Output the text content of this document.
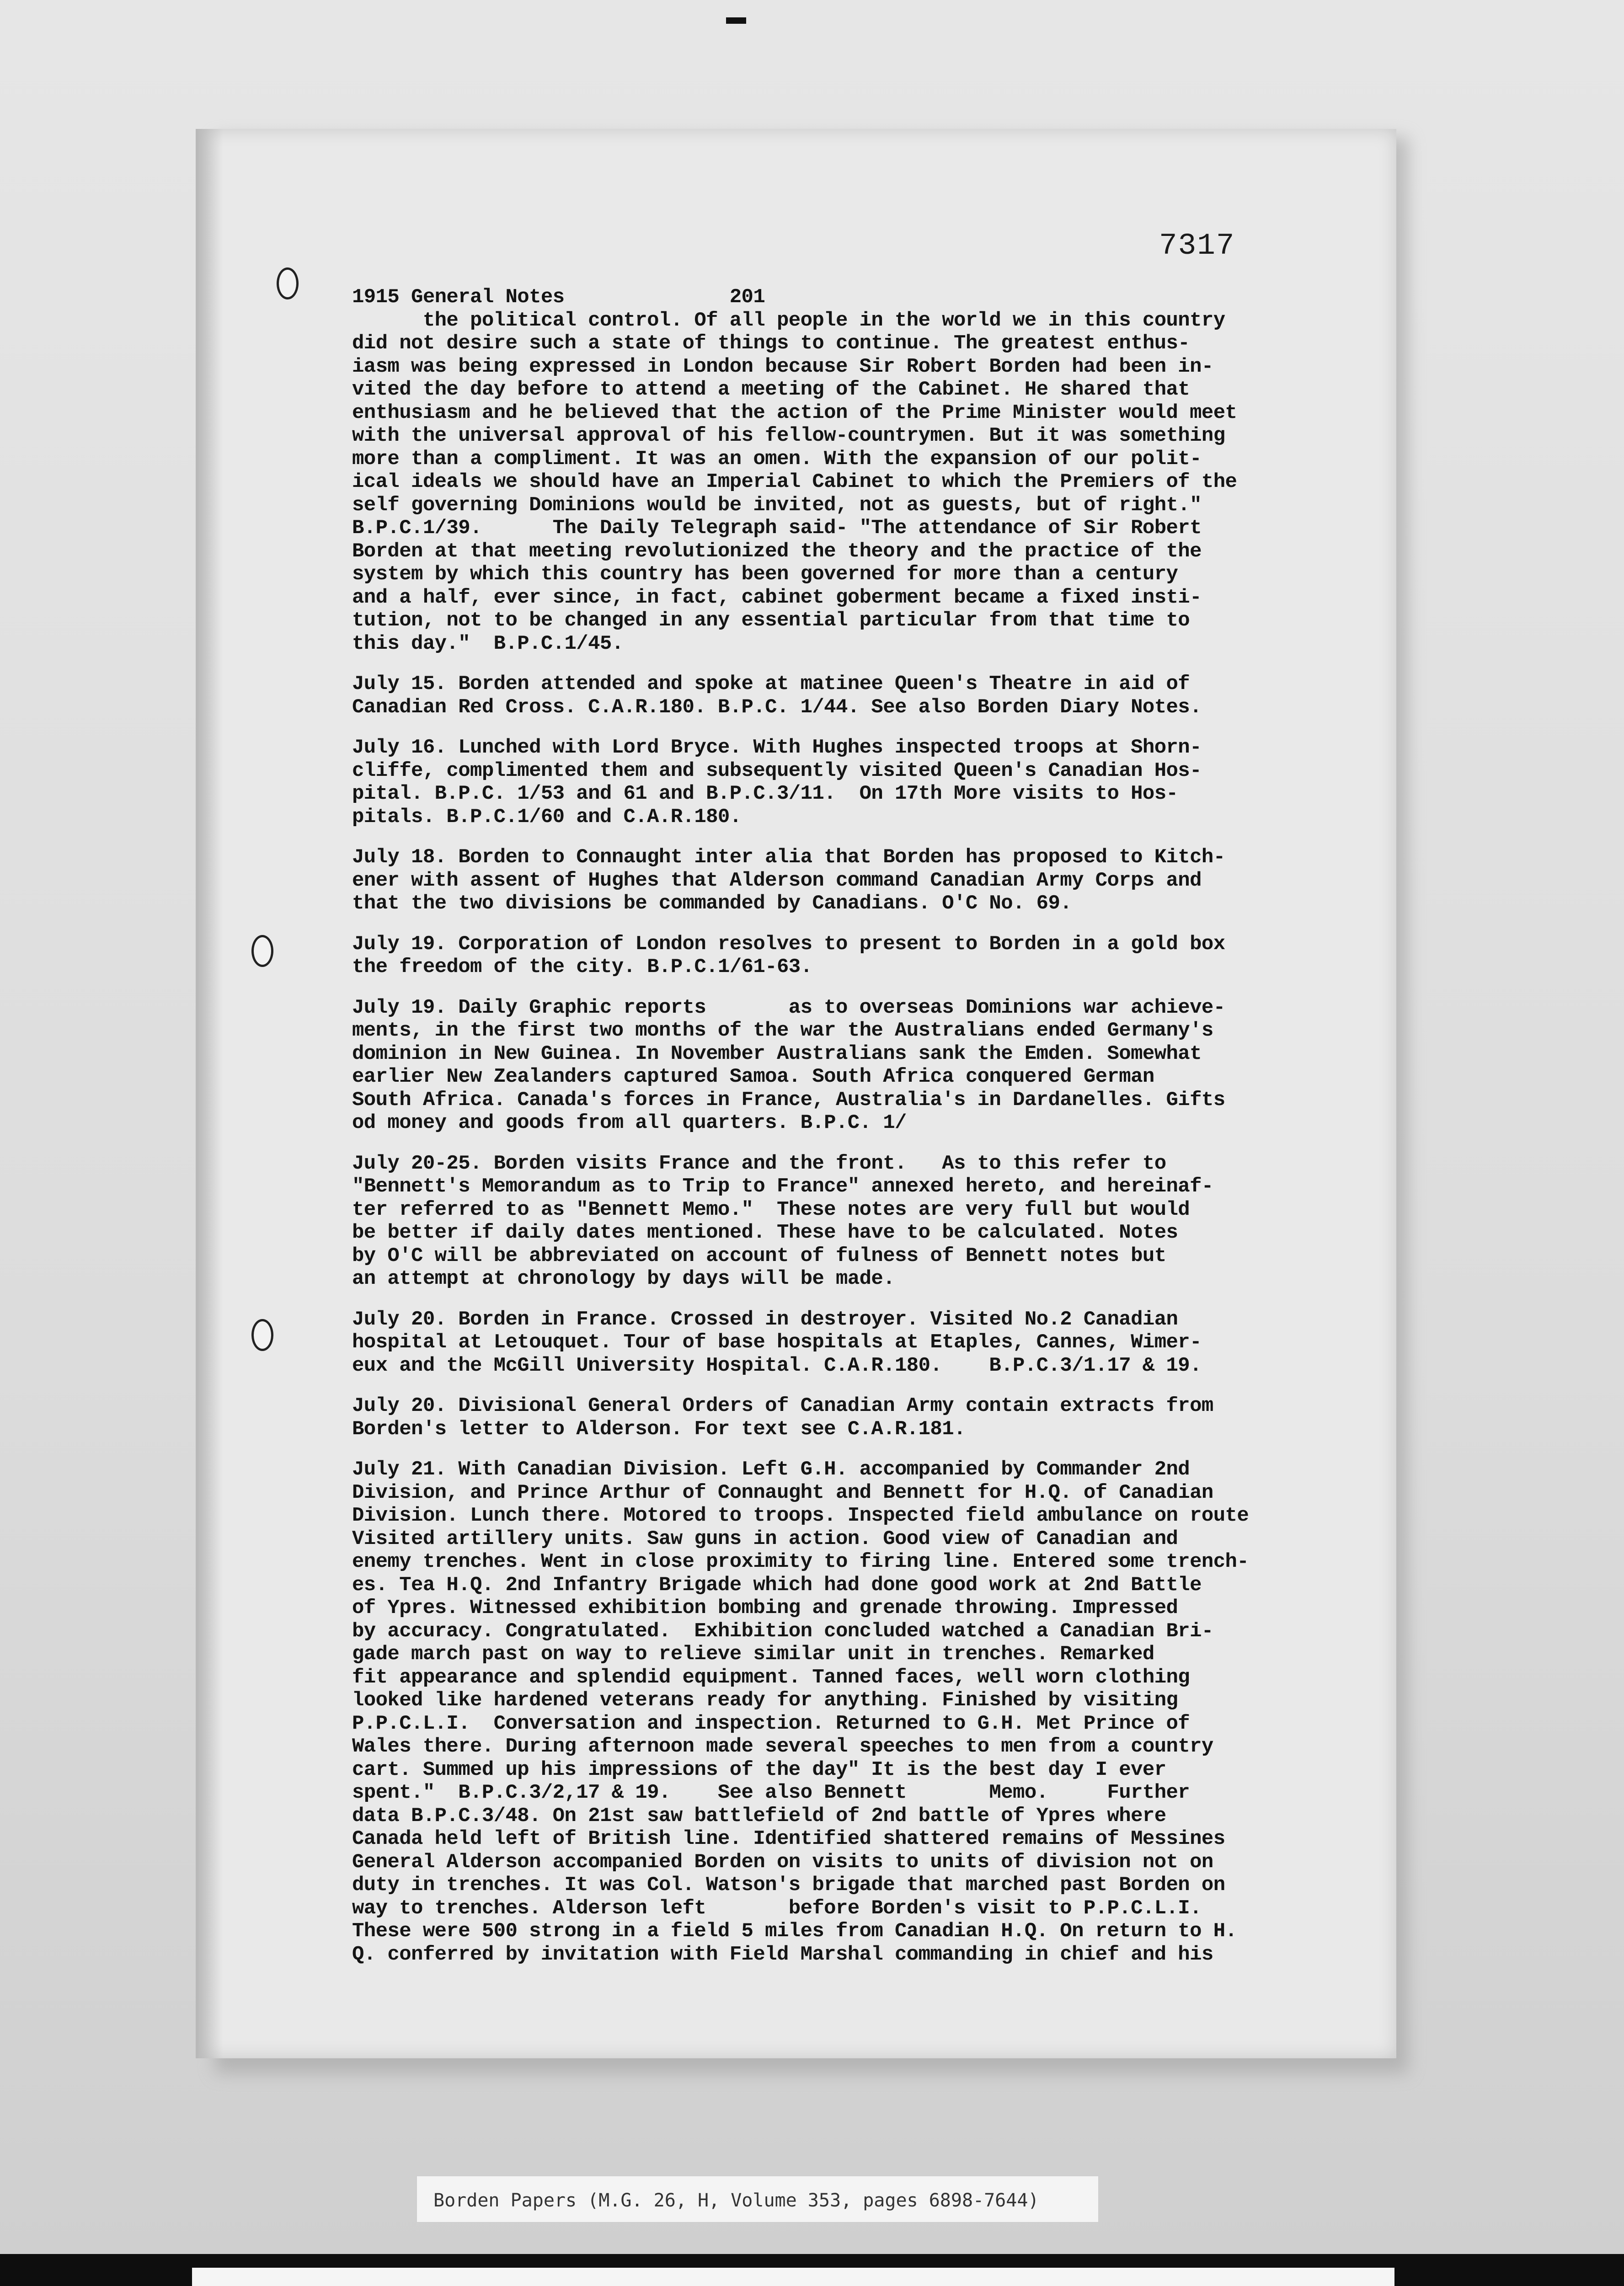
7317
1915 General Notes              201
the political control. Of all people in the world we in this country
did not desire such a state of things to continue. The greatest enthus-
iasm was being expressed in London because Sir Robert Borden had been in-
vited the day before to attend a meeting of the Cabinet. He shared that
enthusiasm and he believed that the action of the Prime Minister would meet
with the universal approval of his fellow-countrymen. But it was something
more than a compliment. It was an omen. With the expansion of our polit-
ical ideals we should have an Imperial Cabinet to which the Premiers of the
self governing Dominions would be invited, not as guests, but of right."
B.P.C.1/39.      The Daily Telegraph said- "The attendance of Sir Robert
Borden at that meeting revolutionized the theory and the practice of the
system by which this country has been governed for more than a century
and a half, ever since, in fact, cabinet goberment became a fixed insti-
tution, not to be changed in any essential particular from that time to
this day."  B.P.C.1/45.
July 15. Borden attended and spoke at matinee Queen's Theatre in aid of
Canadian Red Cross. C.A.R.180. B.P.C. 1/44. See also Borden Diary Notes.
July 16. Lunched with Lord Bryce. With Hughes inspected troops at Shorn-
cliffe, complimented them and subsequently visited Queen's Canadian Hos-
pital. B.P.C. 1/53 and 61 and B.P.C.3/11.  On 17th More visits to Hos-
pitals. B.P.C.1/60 and C.A.R.180.
July 18. Borden to Connaught inter alia that Borden has proposed to Kitch-
ener with assent of Hughes that Alderson command Canadian Army Corps and
that the two divisions be commanded by Canadians. O'C No. 69.
July 19. Corporation of London resolves to present to Borden in a gold box
the freedom of the city. B.P.C.1/61-63.
July 19. Daily Graphic reports       as to overseas Dominions war achieve-
ments, in the first two months of the war the Australians ended Germany's
dominion in New Guinea. In November Australians sank the Emden. Somewhat
earlier New Zealanders captured Samoa. South Africa conquered German
South Africa. Canada's forces in France, Australia's in Dardanelles. Gifts
od money and goods from all quarters. B.P.C. 1/
July 20-25. Borden visits France and the front.   As to this refer to
"Bennett's Memorandum as to Trip to France" annexed hereto, and hereinaf-
ter referred to as "Bennett Memo."  These notes are very full but would
be better if daily dates mentioned. These have to be calculated. Notes
by O'C will be abbreviated on account of fulness of Bennett notes but
an attempt at chronology by days will be made.
July 20. Borden in France. Crossed in destroyer. Visited No.2 Canadian
hospital at Letouquet. Tour of base hospitals at Etaples, Cannes, Wimer-
eux and the McGill University Hospital. C.A.R.180.    B.P.C.3/1.17 & 19.
July 20. Divisional General Orders of Canadian Army contain extracts from
Borden's letter to Alderson. For text see C.A.R.181.
July 21. With Canadian Division. Left G.H. accompanied by Commander 2nd
Division, and Prince Arthur of Connaught and Bennett for H.Q. of Canadian
Division. Lunch there. Motored to troops. Inspected field ambulance on route
Visited artillery units. Saw guns in action. Good view of Canadian and
enemy trenches. Went in close proximity to firing line. Entered some trench-
es. Tea H.Q. 2nd Infantry Brigade which had done good work at 2nd Battle
of Ypres. Witnessed exhibition bombing and grenade throwing. Impressed
by accuracy. Congratulated.  Exhibition concluded watched a Canadian Bri-
gade march past on way to relieve similar unit in trenches. Remarked
fit appearance and splendid equipment. Tanned faces, well worn clothing
looked like hardened veterans ready for anything. Finished by visiting
P.P.C.L.I.  Conversation and inspection. Returned to G.H. Met Prince of
Wales there. During afternoon made several speeches to men from a country
cart. Summed up his impressions of the day" It is the best day I ever
spent."  B.P.C.3/2,17 & 19.    See also Bennett       Memo.     Further
data B.P.C.3/48. On 21st saw battlefield of 2nd battle of Ypres where
Canada held left of British line. Identified shattered remains of Messines
General Alderson accompanied Borden on visits to units of division not on
duty in trenches. It was Col. Watson's brigade that marched past Borden on
way to trenches. Alderson left       before Borden's visit to P.P.C.L.I.
These were 500 strong in a field 5 miles from Canadian H.Q. On return to H.
Q. conferred by invitation with Field Marshal commanding in chief and his
Borden Papers (M.G. 26, H, Volume 353, pages 6898-7644)
